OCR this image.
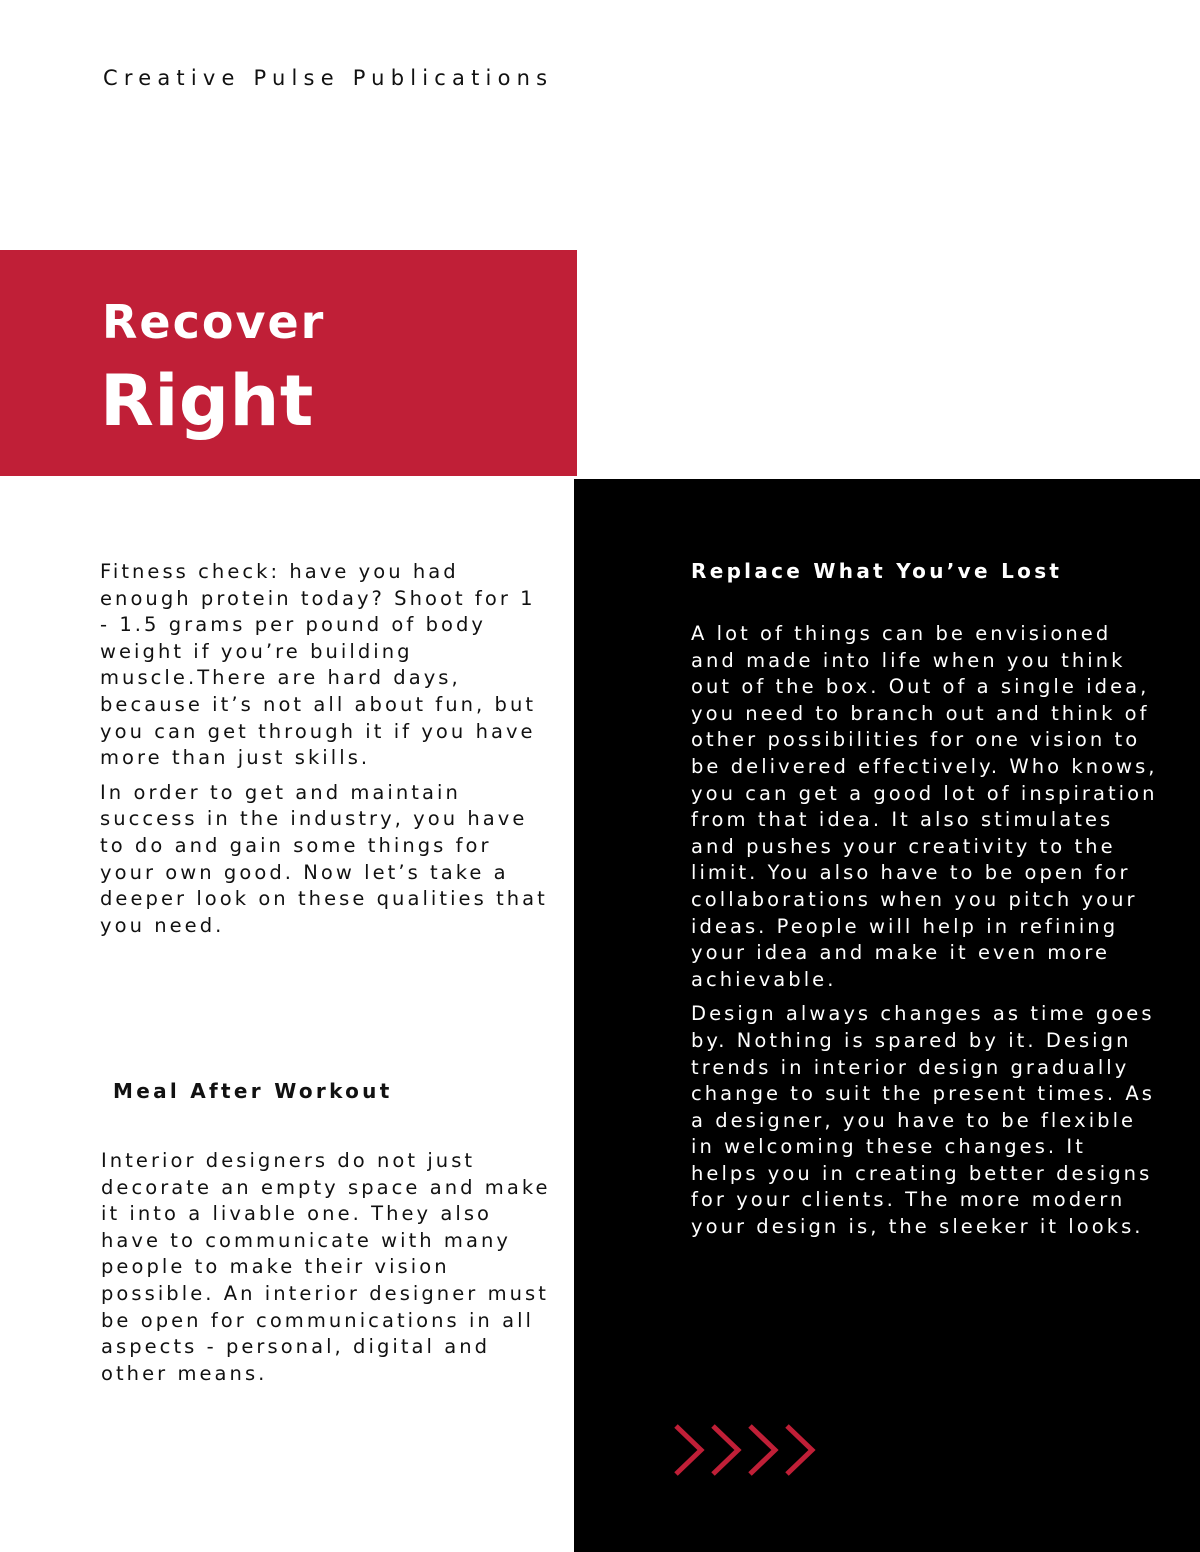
Creative Pulse Publications
Recover
Right

Fitness check: have you had enough protein today? Shoot for 1 - 1.5 grams per pound of body weight if you’re building muscle.There are hard days, because it’s not all about fun, but you can get through it if you have more than just skills.

In order to get and maintain success in the industry, you have to do and gain some things for your own good. Now let’s take a deeper look on these qualities that you need.

Meal After Workout

Interior designers do not just decorate an empty space and make it into a livable one. They also have to communicate with many people to make their vision possible. An interior designer must be open for communications in all aspects - personal, digital and other means.

Replace What You’ve Lost

A lot of things can be envisioned and made into life when you think out of the box. Out of a single idea, you need to branch out and think of other possibilities for one vision to be delivered effectively. Who knows, you can get a good lot of inspiration from that idea. It also stimulates and pushes your creativity to the limit. You also have to be open for collaborations when you pitch your ideas. People will help in refining your idea and make it even more achievable.

Design always changes as time goes by. Nothing is spared by it. Design trends in interior design gradually change to suit the present times. As a designer, you have to be flexible in welcoming these changes. It helps you in creating better designs for your clients. The more modern your design is, the sleeker it looks.
